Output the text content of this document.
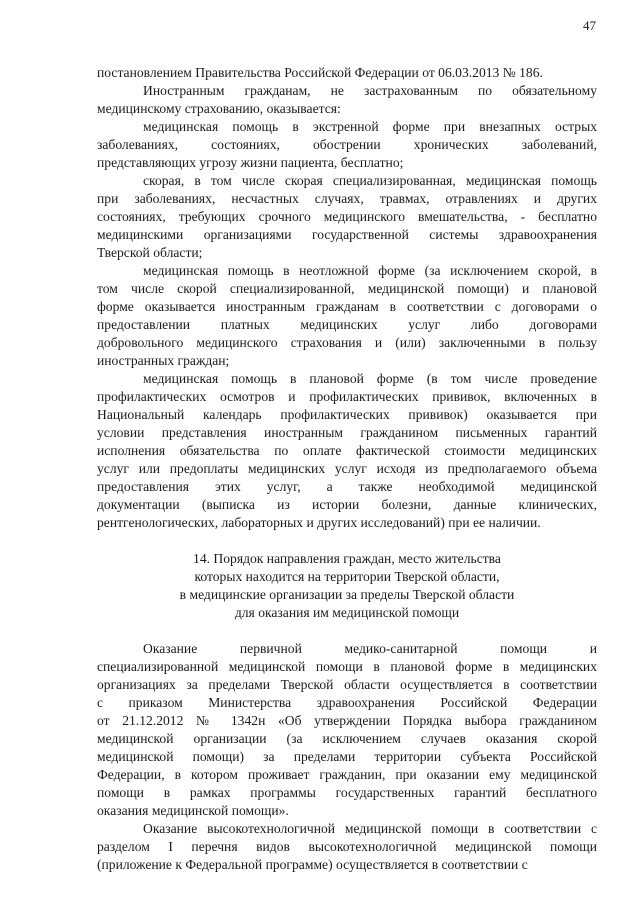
47
постановлением Правительства Российской Федерации от 06.03.2013 № 186.
Иностранным гражданам, не застрахованным по обязательному
медицинскому страхованию, оказывается:
медицинская помощь в экстренной форме при внезапных острых
заболеваниях, состояниях, обострении хронических заболеваний,
представляющих угрозу жизни пациента, бесплатно;
скорая, в том числе скорая специализированная, медицинская помощь
при заболеваниях, несчастных случаях, травмах, отравлениях и других
состояниях, требующих срочного медицинского вмешательства, - бесплатно
медицинскими организациями государственной системы здравоохранения
Тверской области;
медицинская помощь в неотложной форме (за исключением скорой, в
том числе скорой специализированной, медицинской помощи) и плановой
форме оказывается иностранным гражданам в соответствии с договорами о
предоставлении платных медицинских услуг либо договорами
добровольного медицинского страхования и (или) заключенными в пользу
иностранных граждан;
медицинская помощь в плановой форме (в том числе проведение
профилактических осмотров и профилактических прививок, включенных в
Национальный календарь профилактических прививок) оказывается при
условии представления иностранным гражданином письменных гарантий
исполнения обязательства по оплате фактической стоимости медицинских
услуг или предоплаты медицинских услуг исходя из предполагаемого объема
предоставления этих услуг, а также необходимой медицинской
документации (выписка из истории болезни, данные клинических,
рентгенологических, лабораторных и других исследований) при ее наличии.
14. Порядок направления граждан, место жительства
которых находится на территории Тверской области,
в медицинские организации за пределы Тверской области
для оказания им медицинской помощи
Оказание первичной медико-санитарной помощи и
специализированной медицинской помощи в плановой форме в медицинских
организациях за пределами Тверской области осуществляется в соответствии
с приказом Министерства здравоохранения Российской Федерации
от 21.12.2012 № 1342н «Об утверждении Порядка выбора гражданином
медицинской организации (за исключением случаев оказания скорой
медицинской помощи) за пределами территории субъекта Российской
Федерации, в котором проживает гражданин, при оказании ему медицинской
помощи в рамках программы государственных гарантий бесплатного
оказания медицинской помощи».
Оказание высокотехнологичной медицинской помощи в соответствии с
разделом I перечня видов высокотехнологичной медицинской помощи
(приложение к Федеральной программе) осуществляется в соответствии с
